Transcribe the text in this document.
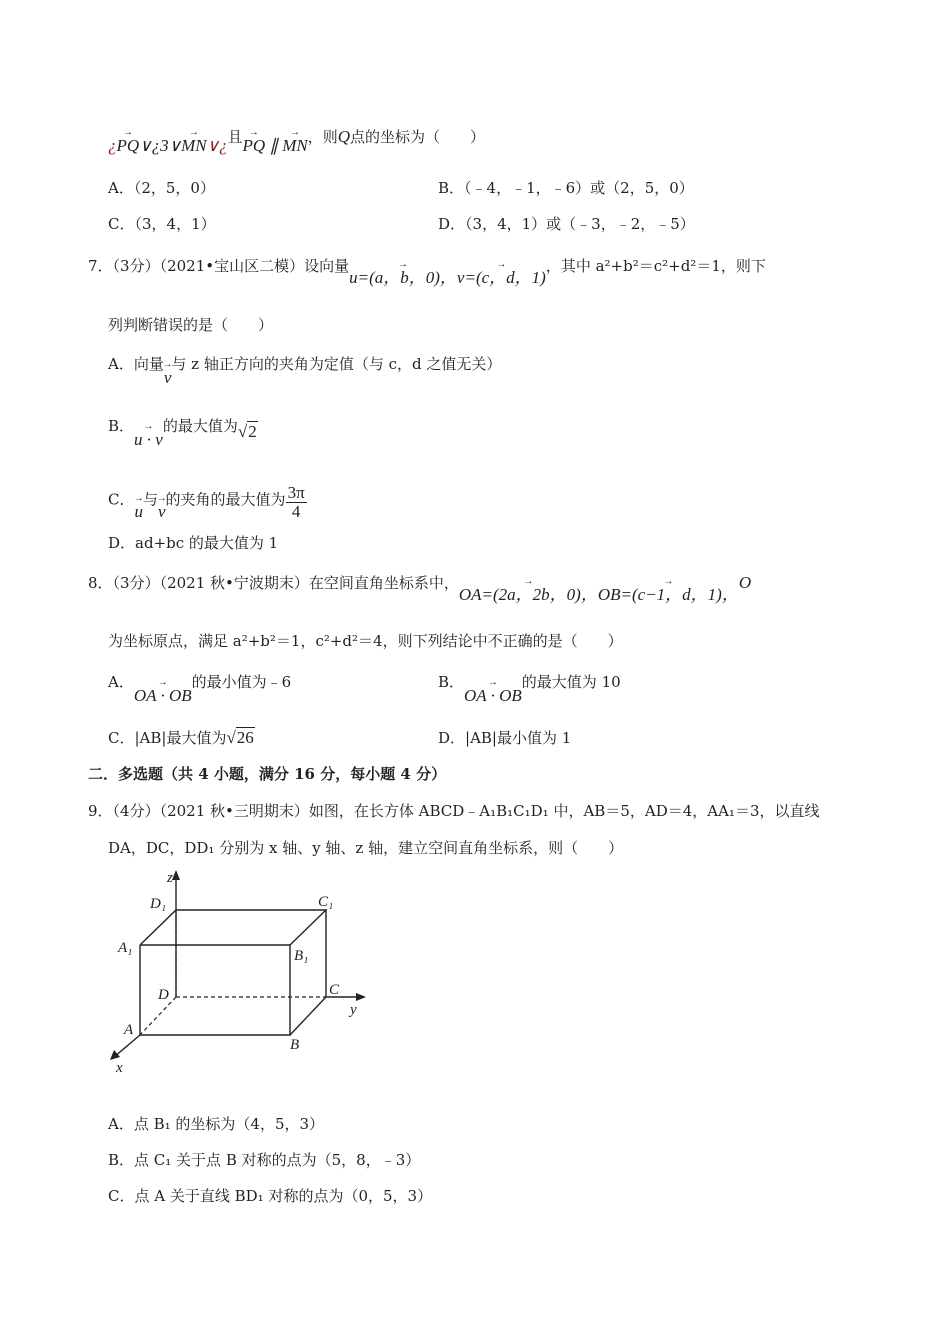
¿→ PQ∨¿3∨→ MN∨¿且→ PQ ∥ → MN，则Q点的坐标为（　　）
A．（2，5，0）	B．（﹣4，﹣1，﹣6）或（2，5，0）
C．（3，4，1）	D．（3，4，1）或（﹣3，﹣2，﹣5）
7．（3分）（2021•宝山区二模）设向量→ u=(a，b，0)，→ v=(c，d，1)，其中 a²+b²＝c²+d²＝1，则下
列判断错误的是（　　）
A．向量→ v与 z 轴正方向的夹角为定值（与 c，d 之值无关）
B．→ u · v的最大值为√2
C．→ u与→ v的夹角的最大值为 $\frac{3\pi}{4}$
D．ad+bc 的最大值为 1
8．（3分）（2021 秋•宁波期末）在空间直角坐标系中，→ OA=(2a，2b，0)，→ OB=(c−1，d，1)，O
为坐标原点，满足 a²+b²＝1，c²+d²＝4，则下列结论中不正确的是（　　）
A．→ OA · OB的最小值为﹣6	B．→ OA · OB的最大值为 10
C．|AB|最大值为√26	D．|AB|最小值为 1
二．多选题（共 4 小题，满分 16 分，每小题 4 分）
9．（4分）（2021 秋•三明期末）如图，在长方体 ABCD﹣A₁B₁C₁D₁ 中，AB＝5，AD＝4，AA₁＝3，以直线
DA，DC，DD₁ 分别为 x 轴、y 轴、z 轴，建立空间直角坐标系，则（　　）
z
y
x
D₁	C₁
A₁	B₁
D	C
A
B
A．点 B₁ 的坐标为（4，5，3）
B．点 C₁ 关于点 B 对称的点为（5，8，﹣3）
C．点 A 关于直线 BD₁ 对称的点为（0，5，3）
